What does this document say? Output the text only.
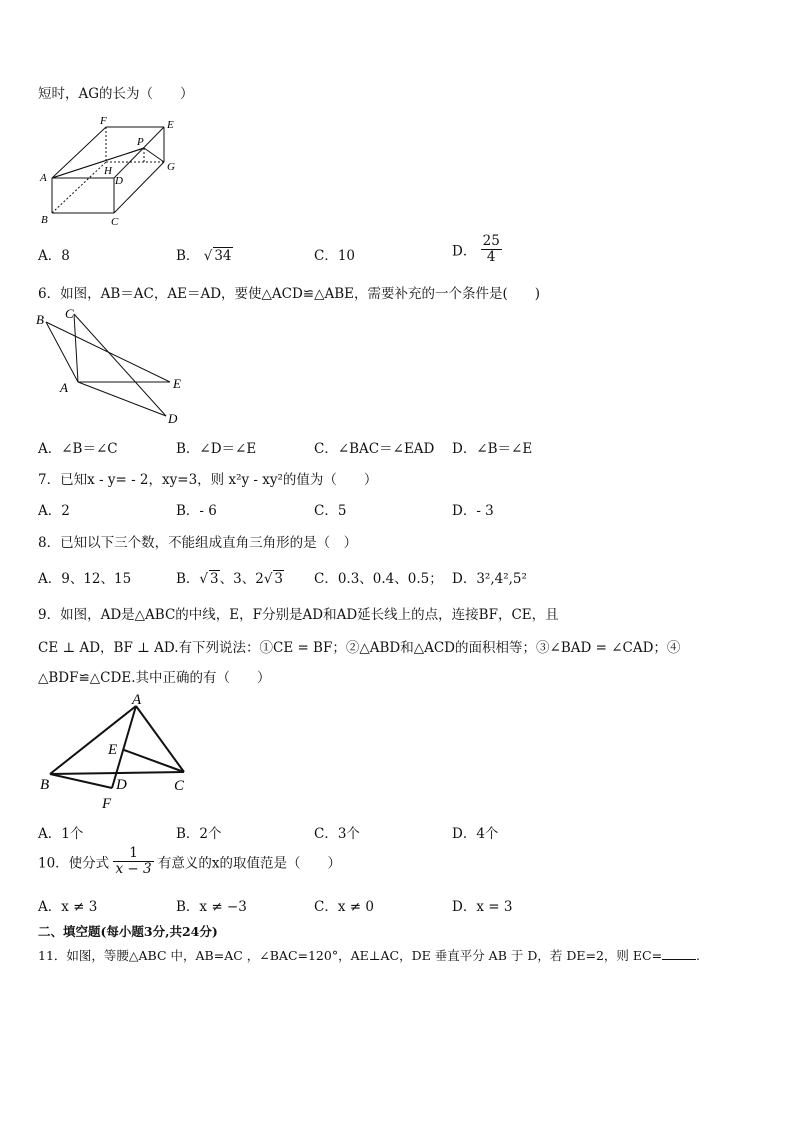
短时，AG的长为（　　）
F	E
P
G
A
H
D
B	C
A．8	B． √ 34	C．10	D． $\frac{25}{4}$
6．如图，AB＝AC，AE＝AD，要使△ACD≌△ABE，需要补充的一个条件是(　　)
B C
A	E
D
A．∠B＝∠C	B．∠D＝∠E	C．∠BAC＝∠EAD D．∠B＝∠E
7．已知x - y= - 2，xy=3，则 x²y - xy²的值为（　　）
A．2	B．- 6	C．5	D．- 3
8．已知以下三个数，不能组成直角三角形的是（　）
A．9、12、15	B．√ 3、3、2√ 3 C．0.3、0.4、0.5； D．3²,4²,5²
9．如图，AD是△ABC的中线，E，F分别是AD和AD延长线上的点，连接BF，CE，且
CE ⊥ AD，BF ⊥ AD.有下列说法：①CE = BF；②△ABD和△ACD的面积相等；③∠BAD = ∠CAD；④
△BDF≌△CDE.其中正确的有（　　）
A
E
B	D	C
F
A．1个	B．2个	C．3个	D．4个
10．使分式 $\frac{1}{x - 3}$ 有意义的x的取值范是（　　）
A．x ≠ 3	B．x ≠ −3	C．x ≠ 0	D．x = 3
二、填空题(每小题3分,共24分)
11．如图，等腰△ABC 中，AB=AC ，∠BAC=120°，AE⊥AC，DE 垂直平分 AB 于 D，若 DE=2，则 EC=	.
